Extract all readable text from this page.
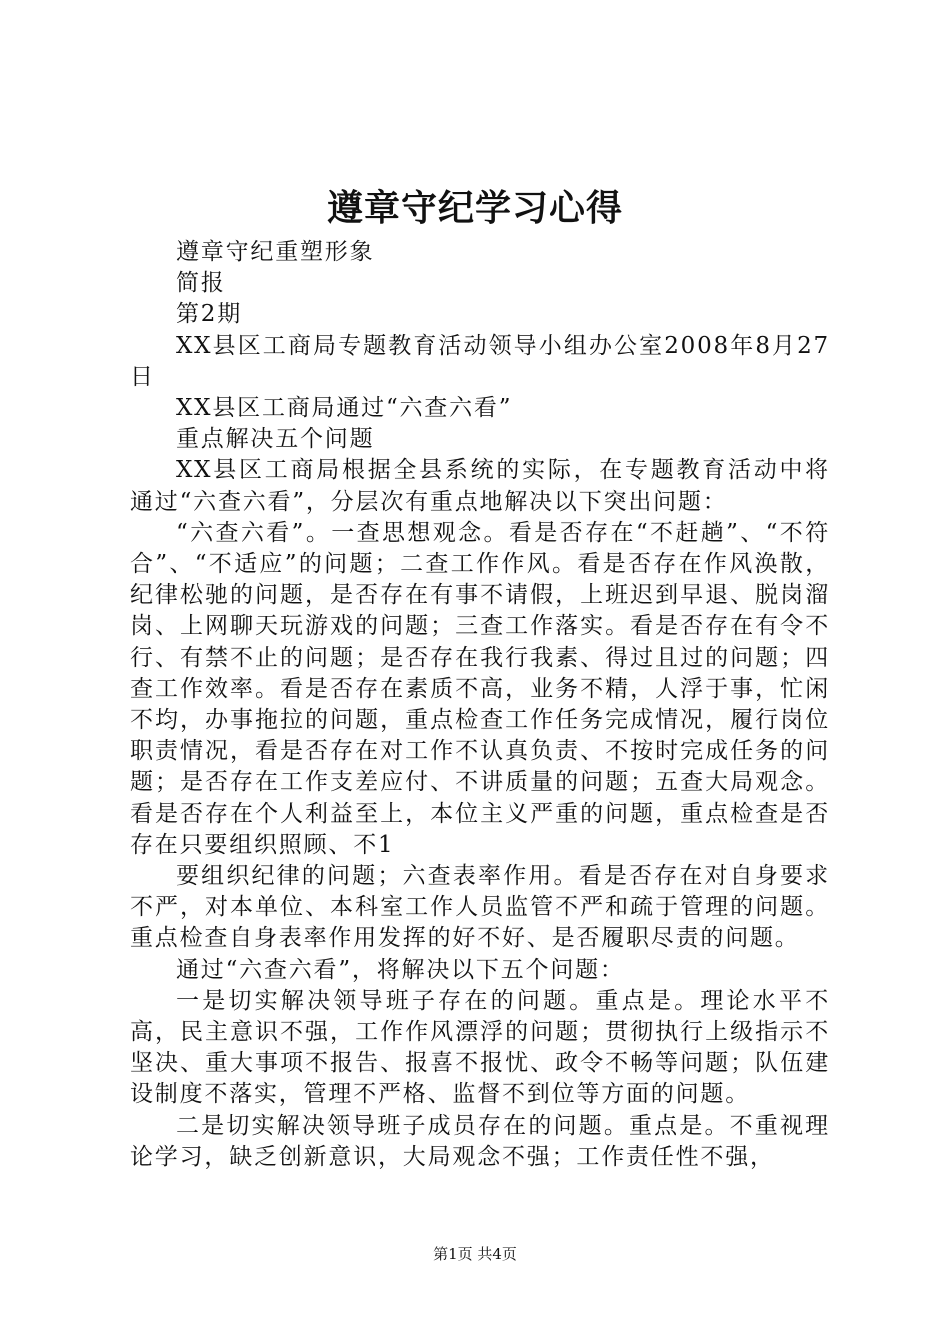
遵章守纪学习心得

遵章守纪重塑形象

简报

第2期

XX县区工商局专题教育活动领导小组办公室2008年8月27日

XX县区工商局通过“六查六看”

重点解决五个问题

XX县区工商局根据全县系统的实际，在专题教育活动中将通过“六查六看”，分层次有重点地解决以下突出问题：

“六查六看”。一查思想观念。看是否存在“不赶趟”、“不符合”、“不适应”的问题；二查工作作风。看是否存在作风涣散，纪律松驰的问题，是否存在有事不请假，上班迟到早退、脱岗溜岗、上网聊天玩游戏的问题；三查工作落实。看是否存在有令不行、有禁不止的问题；是否存在我行我素、得过且过的问题；四查工作效率。看是否存在素质不高，业务不精，人浮于事，忙闲不均，办事拖拉的问题，重点检查工作任务完成情况，履行岗位职责情况，看是否存在对工作不认真负责、不按时完成任务的问题；是否存在工作支差应付、不讲质量的问题；五查大局观念。看是否存在个人利益至上，本位主义严重的问题，重点检查是否存在只要组织照顾、不1

要组织纪律的问题；六查表率作用。看是否存在对自身要求不严，对本单位、本科室工作人员监管不严和疏于管理的问题。重点检查自身表率作用发挥的好不好、是否履职尽责的问题。

通过“六查六看”，将解决以下五个问题：

一是切实解决领导班子存在的问题。重点是。理论水平不高，民主意识不强，工作作风漂浮的问题；贯彻执行上级指示不坚决、重大事项不报告、报喜不报忧、政令不畅等问题；队伍建设制度不落实，管理不严格、监督不到位等方面的问题。

二是切实解决领导班子成员存在的问题。重点是。不重视理论学习，缺乏创新意识，大局观念不强；工作责任性不强，

第1页 共4页
